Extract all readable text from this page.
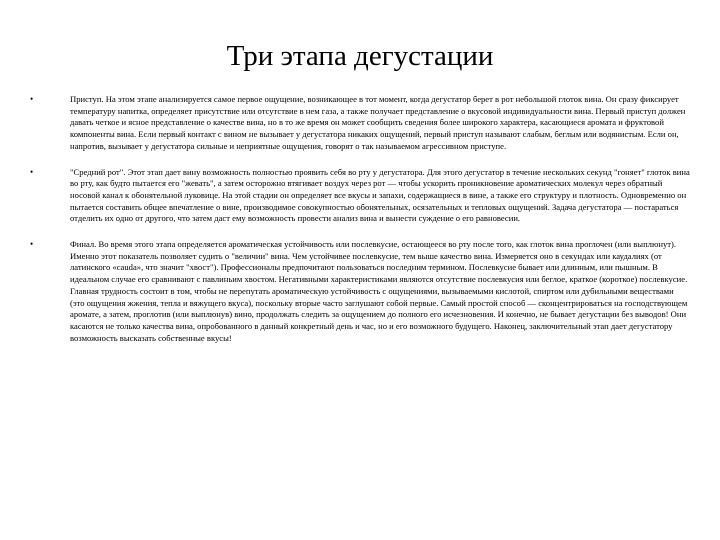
Три этапа дегустации
•	Приступ. На этом этапе анализируется самое первое ощущение, возникающее в тот момент, когда дегустатор берет в рот небольшой глоток вина. Он сразу фиксирует температуру напитка, определяет присутствие или отсутствие в нем газа, а также получает представление о вкусовой индивидуальности вина. Первый приступ должен давать четкое и ясное представление о качестве вина, но в то же время он может сообщить сведения более широкого характера, касающиеся аромата и фруктовой компоненты вина. Если первый контакт с вином не вызывает у дегустатора никаких ощущений, первый приступ называют слабым, беглым или водянистым. Если он, напротив, вызывает у дегустатора сильные и неприятные ощущения, говорят о так называемом агрессивном приступе.
•	"Средний рот". Этот этап дает вину возможность полностью проявить себя во рту у дегустатора. Для этого дегустатор в течение нескольких секунд "гоняет" глоток вина во рту, как будто пытается его "жевать", а затем осторожно втягивает воздух через рот — чтобы ускорить проникновение ароматических молекул через обратный носовой канал к обонятельной луковице. На этой стадии он определяет все вкусы и запахи, содержащиеся в вине, а также его структуру и плотность. Одновременно он пытается составить общее впечатление о вине, производимое совокупностью обонятельных, осязательных и тепловых ощущений. Задача дегустатора — постараться отделить их одно от другого, что затем даст ему возможность провести анализ вина и вынести суждение о его равновесии.
•	Финал. Во время этого этапа определяется ароматическая устойчивость или послевкусие, остающееся во рту после того, как глоток вина проглочен (или выплюнут). Именно этот показатель позволяет судить о "величии" вина. Чем устойчивее послевкусие, тем выше качество вина. Измеряется оно в секундах или каудалиях (от латинского «cauda», что значит "хвост"). Профессионалы предпочитают пользоваться последним термином. Послевкусие бывает или длинным, или пышным. В идеальном случае его сравнивают с павлиньим хвостом. Негативными характеристиками являются отсутствие послевкусия или беглое, краткое (короткое) послевкусие. Главная трудность состоит в том, чтобы не перепутать ароматическую устойчивость с ощущениями, вызываемыми кислотой, спиртом или дубильными веществами (это ощущения жжения, тепла и вяжущего вкуса), поскольку вторые часто заглушают собой первые. Самый простой способ — сконцентрироваться на господствующем аромате, а затем, проглотив (или выплюнув) вино, продолжать следить за ощущением до полного его исчезновения. И конечно, не бывает дегустации без выводов! Они касаются не только качества вина, опробованного в данный конкретный день и час, но и его возможного будущего. Наконец, заключительный этап дает дегустатору возможность высказать собственные вкусы!
